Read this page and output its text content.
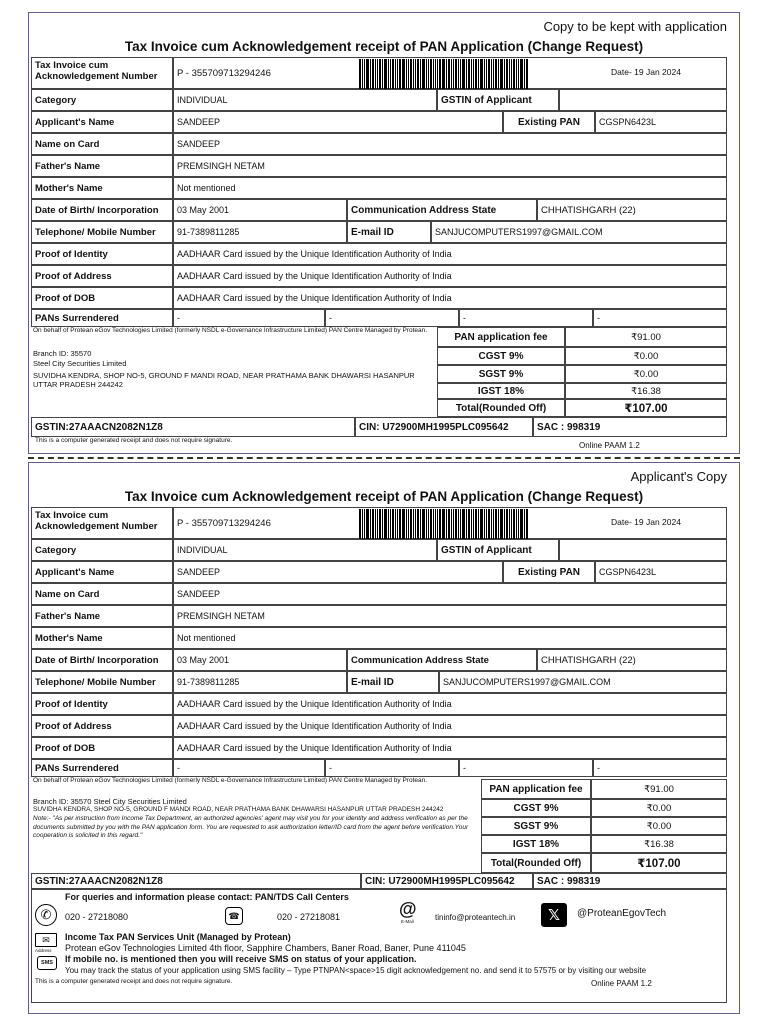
Copy to be kept with application
Tax Invoice cum Acknowledgement receipt of PAN Application (Change Request)
Tax Invoice cum Acknowledgement Number	P - 355709713294246	Date- 19 Jan 2024
Category	INDIVIDUAL	GSTIN of Applicant
Applicant's Name	SANDEEP	Existing PAN	CGSPN6423L
Name on Card	SANDEEP
Father's Name	PREMSINGH NETAM
Mother's Name	Not mentioned
Date of Birth/ Incorporation	03 May 2001	Communication Address State	CHHATISHGARH (22)
Telephone/ Mobile Number	91-7389811285	E-mail ID	SANJUCOMPUTERS1997@GMAIL.COM
Proof of Identity	AADHAAR Card issued by the Unique Identification Authority of India
Proof of Address	AADHAAR Card issued by the Unique Identification Authority of India
Proof of DOB	AADHAAR Card issued by the Unique Identification Authority of India
PANs Surrendered	-	-	-	-
On behalf of Protean eGov Technologies Limited (formerly NSDL e-Governance Infrastructure Limited) PAN Centre Managed by Protean.
Branch ID: 35570
Steel City Securities Limited
SUVIDHA KENDRA, SHOP NO-5, GROUND F MANDI ROAD, NEAR PRATHAMA BANK DHAWARSI HASANPUR UTTAR PRADESH 244242
PAN application fee	₹91.00
CGST 9%	₹0.00
SGST 9%	₹0.00
IGST 18%	₹16.38
Total(Rounded Off)	₹107.00
GSTIN:27AAACN2082N1Z8	CIN: U72900MH1995PLC095642	SAC : 998319
This is a computer generated receipt and does not require signature.
Online PAAM 1.2
Applicant's Copy
Tax Invoice cum Acknowledgement receipt of PAN Application (Change Request)
Tax Invoice cum Acknowledgement Number	P - 355709713294246	Date- 19 Jan 2024
Category	INDIVIDUAL	GSTIN of Applicant
Applicant's Name	SANDEEP	Existing PAN	CGSPN6423L
Name on Card	SANDEEP
Father's Name	PREMSINGH NETAM
Mother's Name	Not mentioned
Date of Birth/ Incorporation	03 May 2001	Communication Address State	CHHATISHGARH (22)
Telephone/ Mobile Number	91-7389811285	E-mail ID	SANJUCOMPUTERS1997@GMAIL.COM
Proof of Identity	AADHAAR Card issued by the Unique Identification Authority of India
Proof of Address	AADHAAR Card issued by the Unique Identification Authority of India
Proof of DOB	AADHAAR Card issued by the Unique Identification Authority of India
PANs Surrendered	-	-	-	-
On behalf of Protean eGov Technologies Limited (formerly NSDL e-Governance Infrastructure Limited) PAN Centre Managed by Protean.
Branch ID: 35570 Steel City Securities Limited
SUVIDHA KENDRA, SHOP NO-5, GROUND F MANDI ROAD, NEAR PRATHAMA BANK DHAWARSI HASANPUR UTTAR PRADESH 244242
Note:- "As per instruction from Income Tax Department, an authorized agencies' agent may visit you for your identity and address verification as per the documents submitted by you with the PAN application form. You are requested to ask authorization letter/ID card from the agent before verification.Your cooperation is solicited in this regard."
PAN application fee	₹91.00
CGST 9%	₹0.00
SGST 9%	₹0.00
IGST 18%	₹16.38
Total(Rounded Off)	₹107.00
GSTIN:27AAACN2082N1Z8	CIN: U72900MH1995PLC095642	SAC : 998319
For queries and information please contact: PAN/TDS Call Centers
✆	020 - 27218080	☎	020 - 27218081	@
E-Mail	tininfo@proteantech.in	𝕏	@ProteanEgovTech
✉
Address
Income Tax PAN Services Unit (Managed by Protean)
Protean eGov Technologies Limited 4th floor, Sapphire Chambers, Baner Road, Baner, Pune 411045
SMS	If mobile no. is mentioned then you will receive SMS on status of your application.
You may track the status of your application using SMS facility – Type PTNPAN<space>15 digit acknowledgement no. and send it to 57575 or by visiting our website
This is a computer generated receipt and does not require signature.	Online PAAM 1.2
